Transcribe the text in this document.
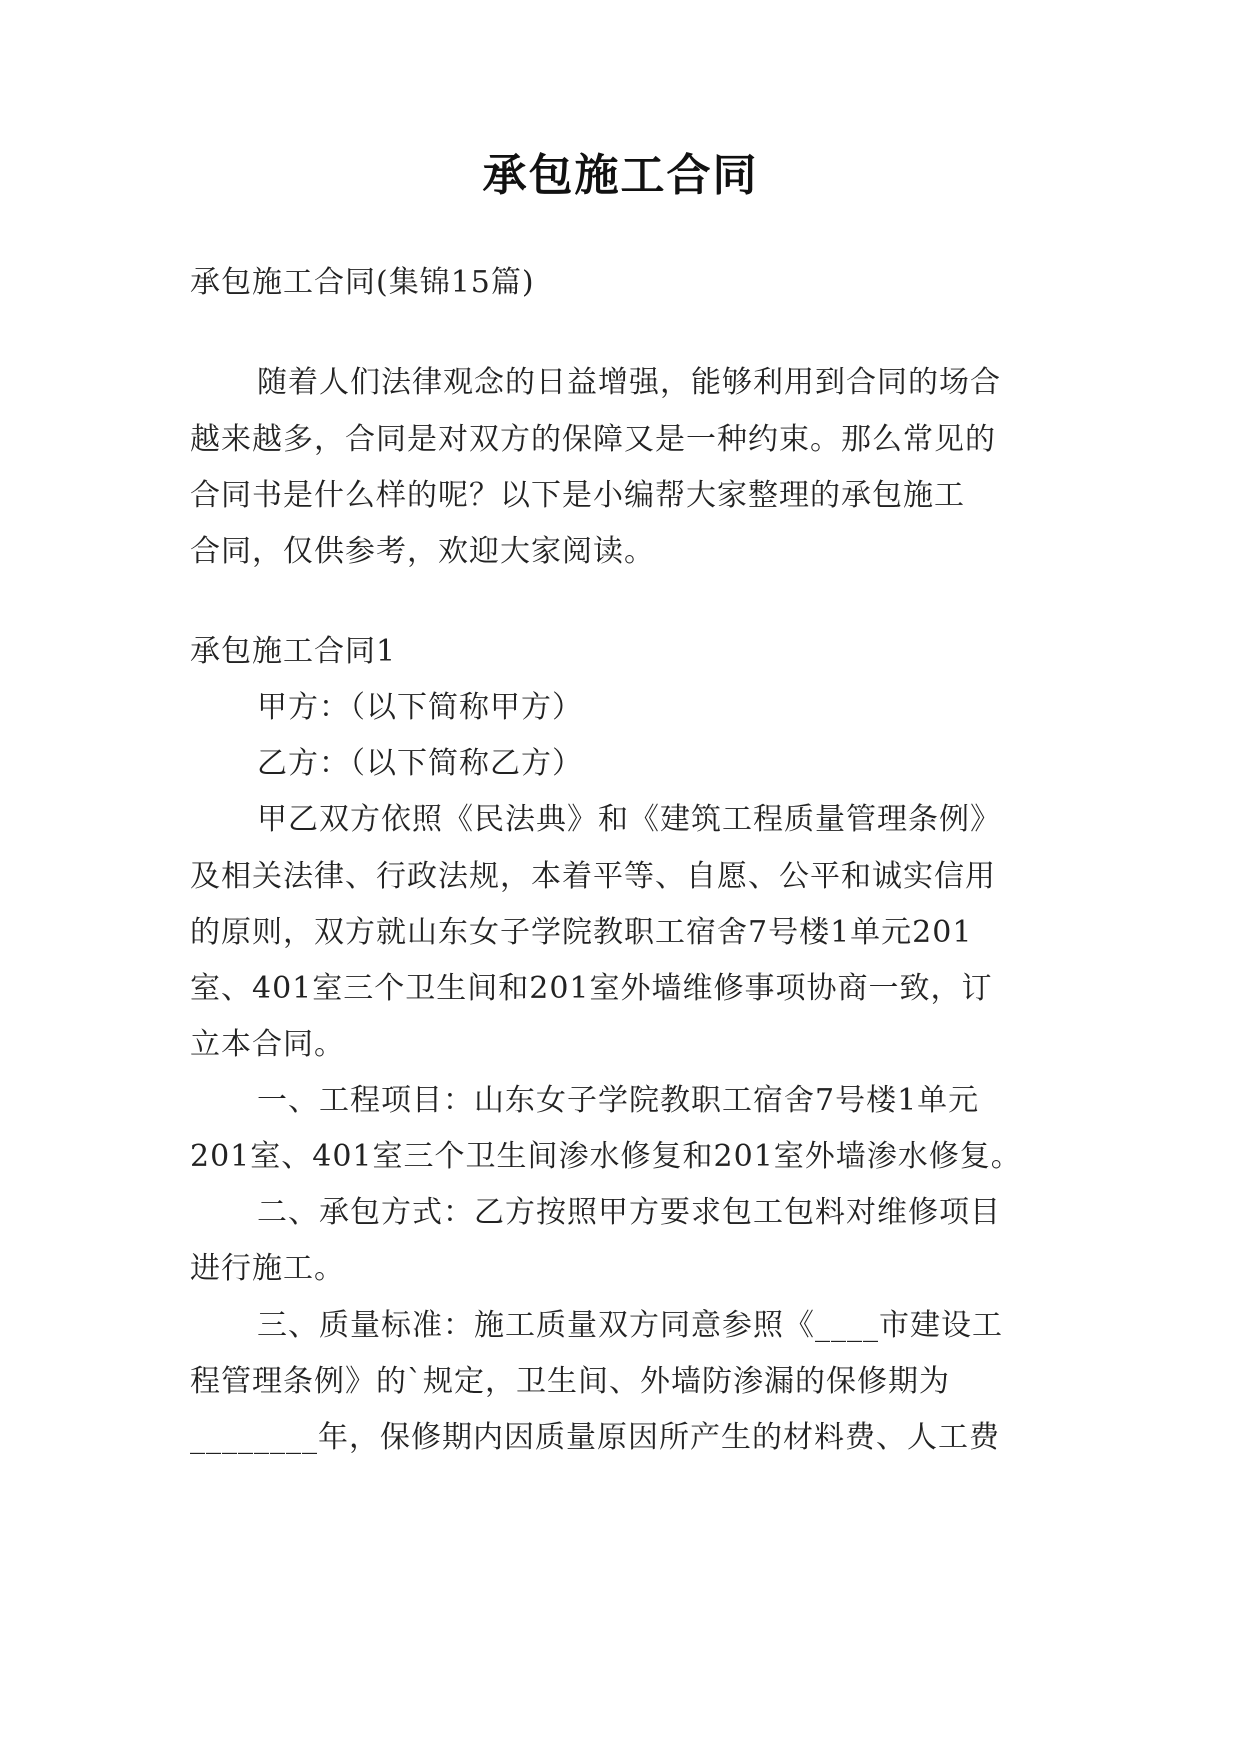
承包施工合同
承包施工合同(集锦15篇)
随着人们法律观念的日益增强，能够利用到合同的场合
越来越多，合同是对双方的保障又是一种约束。那么常见的
合同书是什么样的呢？以下是小编帮大家整理的承包施工
合同，仅供参考，欢迎大家阅读。
承包施工合同1
甲方：（以下简称甲方）
乙方：（以下简称乙方）
甲乙双方依照《民法典》和《建筑工程质量管理条例》
及相关法律、行政法规，本着平等、自愿、公平和诚实信用
的原则，双方就山东女子学院教职工宿舍7号楼1单元201
室、401室三个卫生间和201室外墙维修事项协商一致，订
立本合同。
一、工程项目：山东女子学院教职工宿舍7号楼1单元
201室、401室三个卫生间渗水修复和201室外墙渗水修复。
二、承包方式：乙方按照甲方要求包工包料对维修项目
进行施工。
三、质量标准：施工质量双方同意参照《____市建设工
程管理条例》的`规定，卫生间、外墙防渗漏的保修期为
________年，保修期内因质量原因所产生的材料费、人工费
